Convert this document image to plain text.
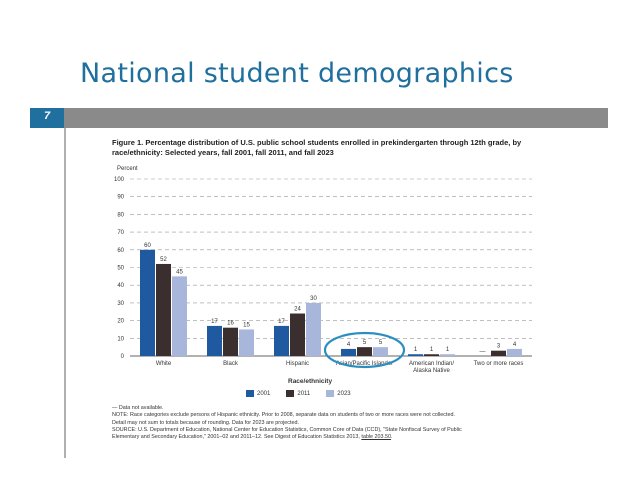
National student demographics
7

Figure 1. Percentage distribution of U.S. public school students enrolled in prekindergarten through 12th grade, by race/ethnicity: Selected years, fall 2001, fall 2011, and fall 2023

Percent
0
10
20
30
40
50
60
70
80
90
100
60
52
45
White
17 16 15
Black
17
24
30
Hispanic
4 5 5
Asian/Pacific Islander
1 1 1
American Indian/
Alaska Native
—
3 4
Two or more races
Race/ethnicity
2001	2011	2023
— Data not available.
NOTE: Race categories exclude persons of Hispanic ethnicity. Prior to 2008, separate data on students of two or more races were not collected.
Detail may not sum to totals because of rounding. Data for 2023 are projected.
SOURCE: U.S. Department of Education, National Center for Education Statistics, Common Core of Data (CCD), "State Nonfiscal Survey of Public
Elementary and Secondary Education," 2001–02 and 2011–12. See Digest of Education Statistics 2013, table 203.50.
